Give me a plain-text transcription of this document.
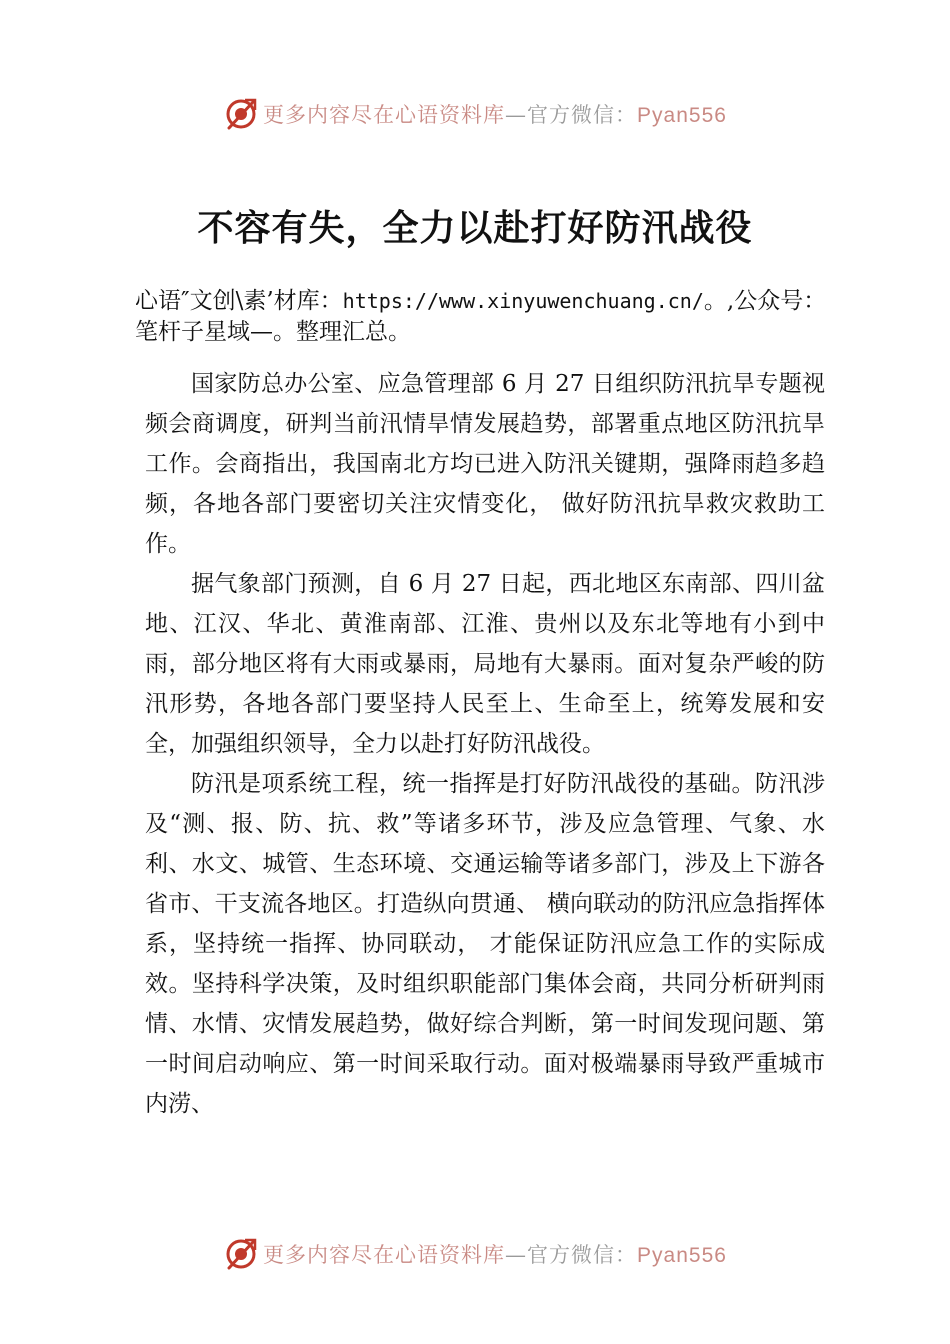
更多内容尽在心语资料库—官方微信：Pyan556
不容有失，全力以赴打好防汛战役
心语″文创\素’材库：https://www.xinyuwenchuang.cn/。,公众号：笔杆子星域—。整理汇总。

国家防总办公室、应急管理部 6 月 27 日组织防汛抗旱专题视频会商调度，研判当前汛情旱情发展趋势，部署重点地区防汛抗旱工作。会商指出，我国南北方均已进入防汛关键期，强降雨趋多趋频，各地各部门要密切关注灾情变化， 做好防汛抗旱救灾救助工作。

据气象部门预测，自 6 月 27 日起，西北地区东南部、四川盆地、江汉、华北、黄淮南部、江淮、贵州以及东北等地有小到中雨，部分地区将有大雨或暴雨，局地有大暴雨。面对复杂严峻的防汛形势，各地各部门要坚持人民至上、生命至上，统筹发展和安全，加强组织领导，全力以赴打好防汛战役。

防汛是项系统工程，统一指挥是打好防汛战役的基础。防汛涉及“测、报、防、抗、救”等诸多环节，涉及应急管理、气象、水利、水文、城管、生态环境、交通运输等诸多部门，涉及上下游各省市、干支流各地区。打造纵向贯通、 横向联动的防汛应急指挥体系，坚持统一指挥、协同联动， 才能保证防汛应急工作的实际成效。坚持科学决策，及时组织职能部门集体会商，共同分析研判雨情、水情、灾情发展趋势，做好综合判断，第一时间发现问题、第一时间启动响应、第一时间采取行动。面对极端暴雨导致严重城市内涝、

更多内容尽在心语资料库—官方微信：Pyan556
